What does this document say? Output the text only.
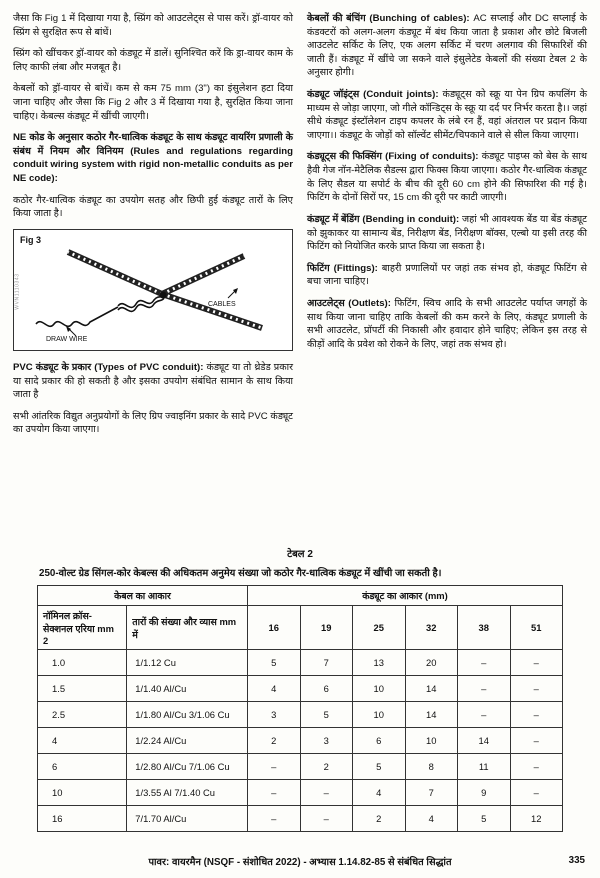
जैसा कि Fig 1 में दिखाया गया है, स्प्रिंग को आउटलेट्स से पास करें। ड्रॉ-वायर को स्प्रिंग से सुरक्षित रूप से बांधें।

स्प्रिंग को खींचकर ड्रॉ-वायर को कंड्यूट में डालें। सुनिश्चित करें कि ड्रा-वायर काम के लिए काफी लंबा और मजबूत है।

केबलों को ड्रॉ-वायर से बांधें। कम से कम 75 mm (3") का इंसुलेशन हटा दिया जाना चाहिए और जैसा कि Fig 2 और 3 में दिखाया गया है, सुरक्षित किया जाना चाहिए। केबल्स कंड्यूट में खींची जाएगी।

NE कोड के अनुसार कठोर गैर-धात्विक कंड्यूट के साथ कंड्यूट वायरिंग प्रणाली के संबंध में नियम और विनियम (Rules and regulations regarding conduit wiring system with rigid non-metallic conduits as per NE code):

कठोर गैर-धात्विक कंड्यूट का उपयोग सतह और छिपी हुई कंड्यूट तारों के लिए किया जाता है।

Fig 3
WVN1110343
DRAW WIRE
CABLES

PVC कंड्यूट के प्रकार (Types of PVC conduit): कंड्यूट या तो थ्रेडेड प्रकार या सादे प्रकार की हो सकती है और इसका उपयोग संबंधित सामान के साथ किया जाता है

सभी आंतरिक विद्युत अनुप्रयोगों के लिए ग्रिप ज्वाइनिंग प्रकार के सादे PVC कंड्यूट का उपयोग किया जाएगा।

केबलों की बंचिंग (Bunching of cables): AC सप्लाई और DC सप्लाई के कंडक्टरों को अलग-अलग कंड्यूट में बंध किया जाता है प्रकाश और छोटे बिजली आउटलेट सर्किट के लिए, एक अलग सर्किट में चरण अलगाव की सिफारिशें की जाती हैं। कंड्यूट में खींचे जा सकने वाले इंसुलेटेड केबलों की संख्या टेबल 2 के अनुसार होगी।

कंड्यूट जॉइंट्स (Conduit joints): कंड्यूट्स को स्क्रू या पेन ग्रिप कपलिंग के माध्यम से जोड़ा जाएगा, जो गीले कॉन्डिट्स के स्क्रू या दर्द पर निर्भर करता है।। जहां सीधे कंड्यूट इंस्टॉलेशन टाइप कपलर के लंबे रन हैं, वहां अंतराल पर प्रदान किया जाएगा।। कंड्यूट के जोड़ों को सॉल्वेंट सीमेंट/चिपकाने वाले से सील किया जाएगा।

कंड्यूट्स की फिक्सिंग (Fixing of conduits): कंड्यूट पाइप्स को बेस के साथ हैवी गेज नॉन-मेटैलिक सैडल्स द्वारा फिक्स किया जाएगा। कठोर गैर-धात्विक कंड्यूट के लिए सैडल या सपोर्ट के बीच की दूरी 60 cm होने की सिफारिश की गई है। फिटिंग के दोनों सिरों पर, 15 cm की दूरी पर काटी जाएगी।

कंड्यूट में बेंडिंग (Bending in conduit): जहां भी आवश्यक बेंड या बेंड कंड्यूट को झुकाकर या सामान्य बेंड, निरीक्षण बेंड, निरीक्षण बॉक्स, एल्बो या इसी तरह की फिटिंग को नियोजित करके प्राप्त किया जा सकता है।

फिटिंग (Fittings): बाहरी प्रणालियों पर जहां तक संभव हो, कंड्यूट फिटिंग से बचा जाना चाहिए।

आउटलेट्स (Outlets): फिटिंग, स्विच आदि के सभी आउटलेट पर्याप्त जगहों के साथ किया जाना चाहिए ताकि केबलों की कम करने के लिए, कंड्यूट प्रणाली के सभी आउटलेट, प्रॉपर्टी की निकासी और हवादार होने चाहिए; लेकिन इस तरह से कीड़ों आदि के प्रवेश को रोकने के लिए, जहां तक संभव हो।

टेबल 2
250-वोल्ट ग्रेड सिंगल-कोर केबल्स की अधिकतम अनुमेय संख्या जो कठोर गैर-धात्विक कंड्यूट में खींची जा सकती है।
केबल का आकार		कंड्यूट का आकार (mm)					
नॉमिनल क्रॉस-सेक्शनल एरिया mm 2	तारों की संख्या और व्यास mm में	16	19	25	32	38	51
1.0	1/1.12 Cu	5	7	13	20	–	–
1.5	1/1.40 Al/Cu	4	6	10	14	–	–
2.5	1/1.80 Al/Cu 3/1.06 Cu	3	5	10	14	–	–
4	1/2.24 Al/Cu	2	3	6	10	14	–
6	1/2.80 Al/Cu 7/1.06 Cu	–	2	5	8	11	–
10	1/3.55 Al 7/1.40 Cu	–	–	4	7	9	–
16	7/1.70 Al/Cu	–	–	2	4	5	12
पावर: वायरमैन (NSQF - संशोधित 2022) - अभ्यास 1.14.82-85 से संबंधित सिद्धांत	335
